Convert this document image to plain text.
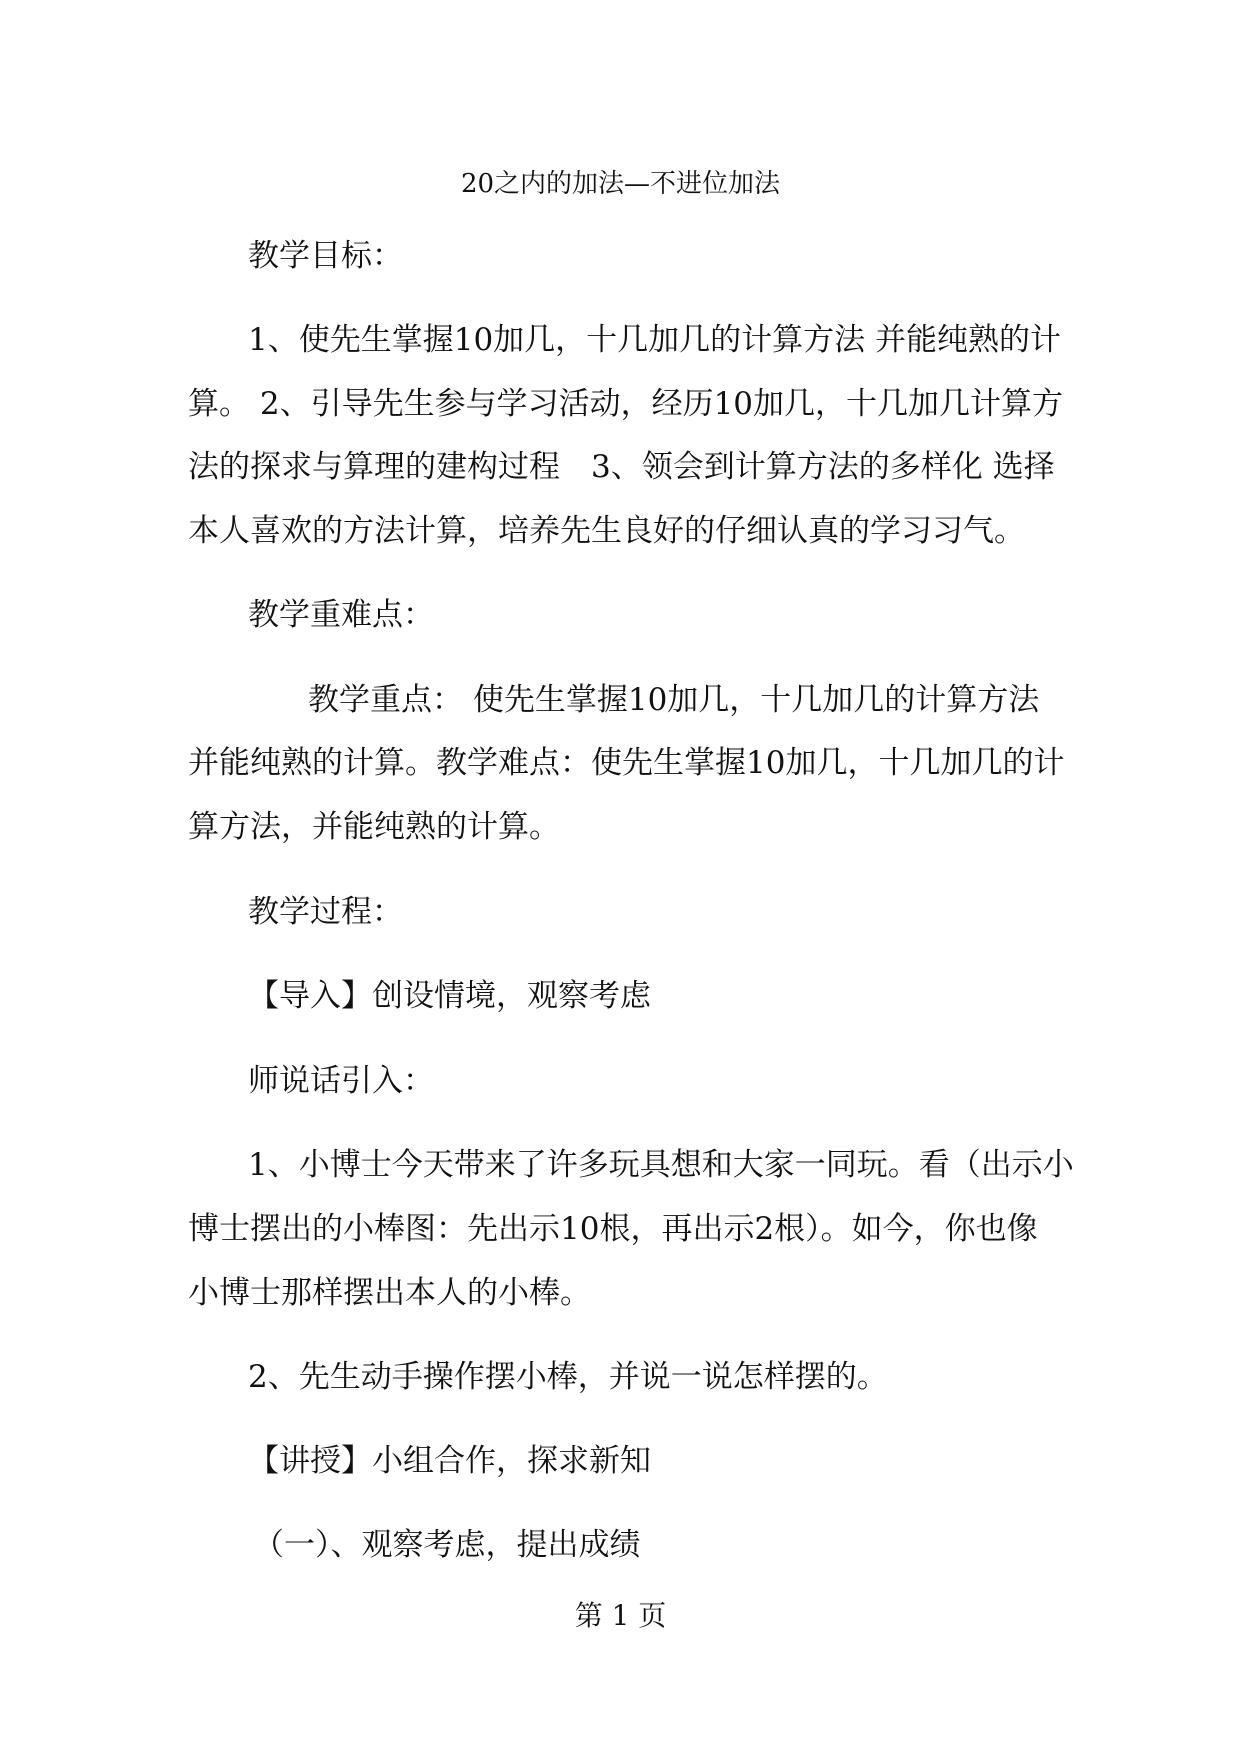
20之内的加法—不进位加法
教学目标：
1、使先生掌握10加几，十几加几的计算方法 并能纯熟的计
算。 2、引导先生参与学习活动，经历10加几，十几加几计算方
法的探求与算理的建构过程　3、领会到计算方法的多样化 选择
本人喜欢的方法计算，培养先生良好的仔细认真的学习习气。
教学重难点：
教学重点： 使先生掌握10加几，十几加几的计算方法
并能纯熟的计算。教学难点：使先生掌握10加几，十几加几的计
算方法，并能纯熟的计算。
教学过程：
【导入】创设情境，观察考虑
师说话引入：
1、小博士今天带来了许多玩具想和大家一同玩。看（出示小
博士摆出的小棒图：先出示10根，再出示2根）。如今，你也像
小博士那样摆出本人的小棒。
2、先生动手操作摆小棒，并说一说怎样摆的。
【讲授】小组合作，探求新知
（一）、观察考虑，提出成绩
第 1 页
